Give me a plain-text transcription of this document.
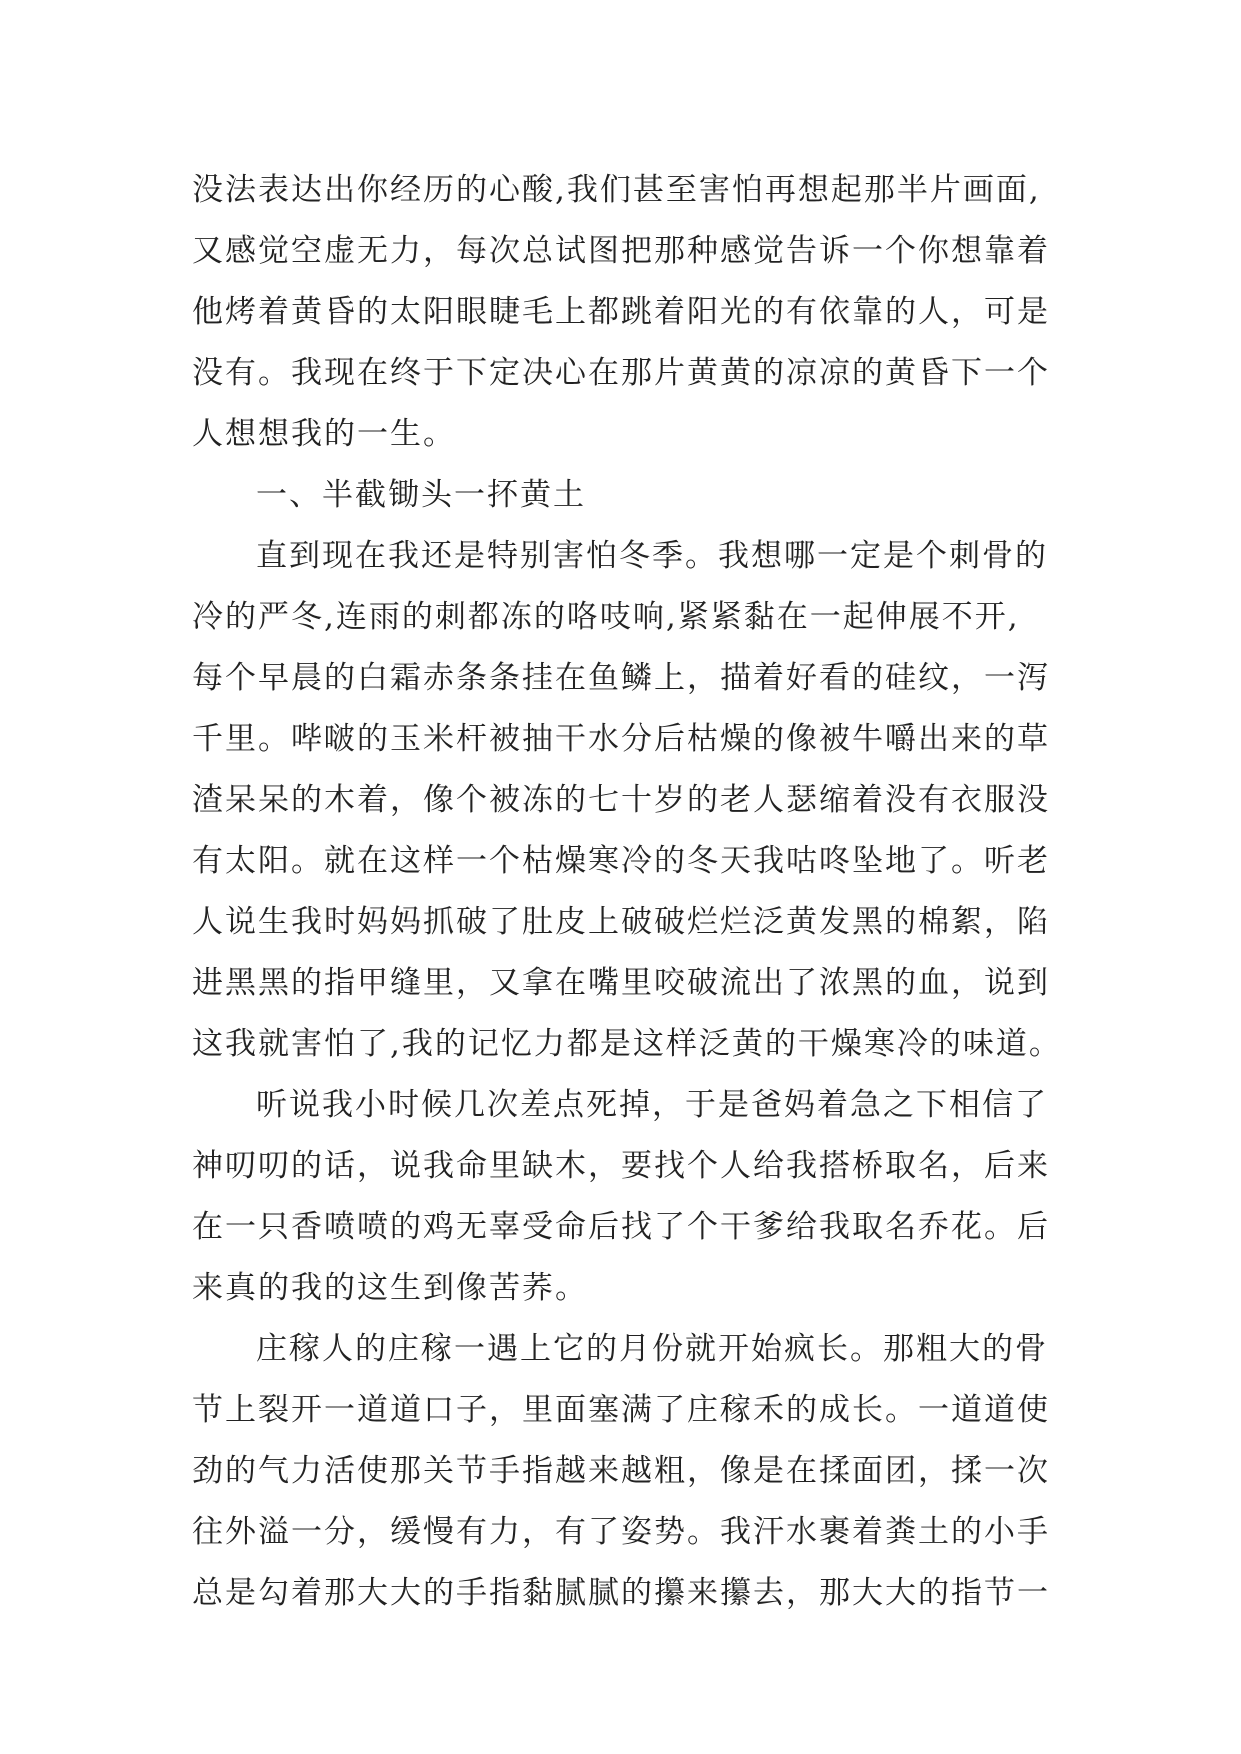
没法表达出你经历的心酸,我们甚至害怕再想起那半片画面,
又感觉空虚无力，每次总试图把那种感觉告诉一个你想靠着
他烤着黄昏的太阳眼睫毛上都跳着阳光的有依靠的人，可是
没有。我现在终于下定决心在那片黄黄的凉凉的黄昏下一个
人想想我的一生。
一、半截锄头一抔黄土
直到现在我还是特别害怕冬季。我想哪一定是个刺骨的
冷的严冬,连雨的刺都冻的咯吱响,紧紧黏在一起伸展不开,
每个早晨的白霜赤条条挂在鱼鳞上，描着好看的硅纹，一泻
千里。哔啵的玉米杆被抽干水分后枯燥的像被牛嚼出来的草
渣呆呆的木着，像个被冻的七十岁的老人瑟缩着没有衣服没
有太阳。就在这样一个枯燥寒冷的冬天我咕咚坠地了。听老
人说生我时妈妈抓破了肚皮上破破烂烂泛黄发黑的棉絮，陷
进黑黑的指甲缝里，又拿在嘴里咬破流出了浓黑的血，说到
这我就害怕了,我的记忆力都是这样泛黄的干燥寒冷的味道。
听说我小时候几次差点死掉，于是爸妈着急之下相信了
神叨叨的话，说我命里缺木，要找个人给我搭桥取名，后来
在一只香喷喷的鸡无辜受命后找了个干爹给我取名乔花。后
来真的我的这生到像苦荞。
庄稼人的庄稼一遇上它的月份就开始疯长。那粗大的骨
节上裂开一道道口子，里面塞满了庄稼禾的成长。一道道使
劲的气力活使那关节手指越来越粗，像是在揉面团，揉一次
往外溢一分，缓慢有力，有了姿势。我汗水裹着粪土的小手
总是勾着那大大的手指黏腻腻的攥来攥去，那大大的指节一
